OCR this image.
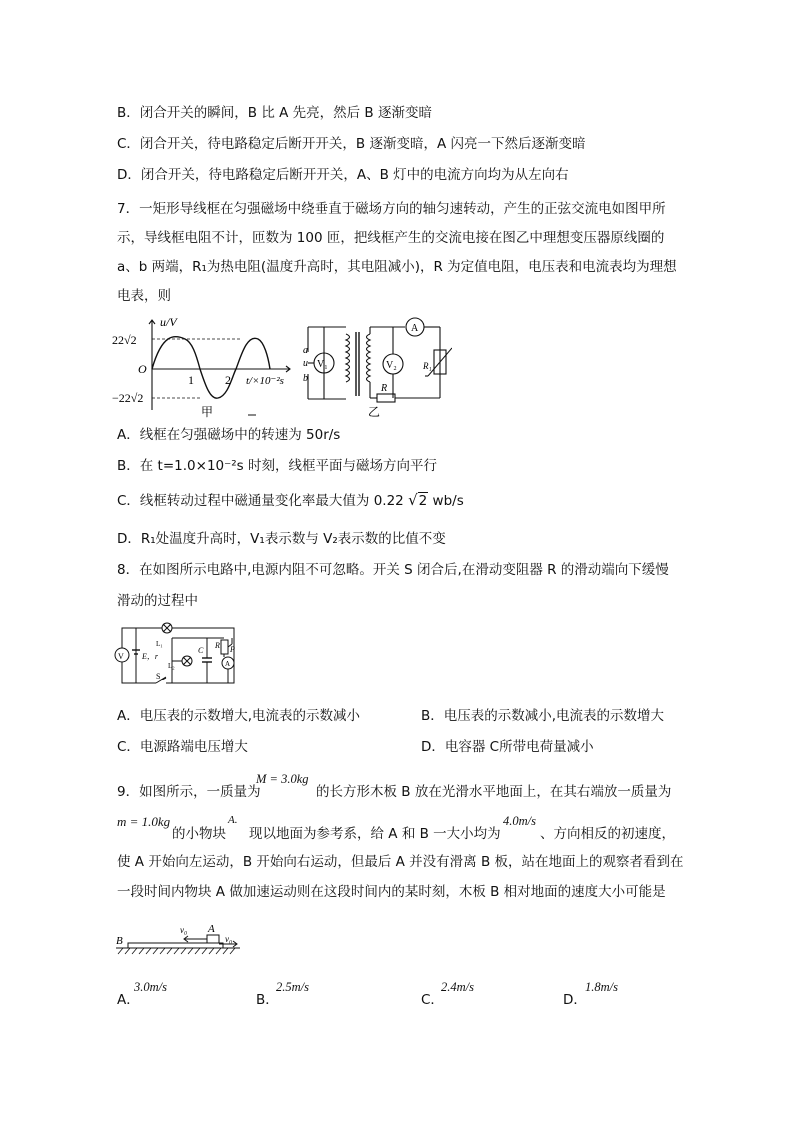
B．闭合开关的瞬间，B 比 A 先亮，然后 B 逐渐变暗
C．闭合开关，待电路稳定后断开开关，B 逐渐变暗，A 闪亮一下然后逐渐变暗
D．闭合开关，待电路稳定后断开开关，A、B 灯中的电流方向均为从左向右
7．一矩形导线框在匀强磁场中绕垂直于磁场方向的轴匀速转动，产生的正弦交流电如图甲所
示，导线框电阻不计，匝数为 100 匝，把线框产生的交流电接在图乙中理想变压器原线圈的
a、b 两端，R₁为热电阻(温度升高时，其电阻减小)，R 为定值电阻，电压表和电流表均为理想
电表，则
22√2
−22√2
O
u/V
1	2 t/×10⁻²s
甲
a
u
b
V₁	V₂
A
R
R₁
乙
A．线框在匀强磁场中的转速为 50r/s
B．在 t=1.0×10⁻²s 时刻，线框平面与磁场方向平行
C．线框转动过程中磁通量变化率最大值为 0.22 √2 wb/s
D．R₁处温度升高时，V₁表示数与 V₂表示数的比值不变
8．在如图所示电路中,电源内阻不可忽略。开关 S 闭合后,在滑动变阻器 R 的滑动端向下缓慢
滑动的过程中
V E，r
L₁
L₂
C
R P
A
S
A．电压表的示数增大,电流表的示数减小	B．电压表的示数减小,电流表的示数增大
C．电源路端电压增大	D．电容器 C所带电荷量减小
9．如图所示，一质量为
M = 3.0kg
的长方形木板 B 放在光滑水平地面上，在其右端放一质量为
m = 1.0kg
的小物块
A.
现以地面为参考系，给 A 和 B 一大小均为
4.0m/s
、方向相反的初速度，
使 A 开始向左运动，B 开始向右运动，但最后 A 并没有滑离 B 板，站在地面上的观察者看到在
一段时间内物块 A 做加速运动则在这段时间内的某时刻，木板 B 相对地面的速度大小可能是
B
A
v₀
v₀
A．
3.0m/s
B．
2.5m/s
C．
2.4m/s
D．
1.8m/s
